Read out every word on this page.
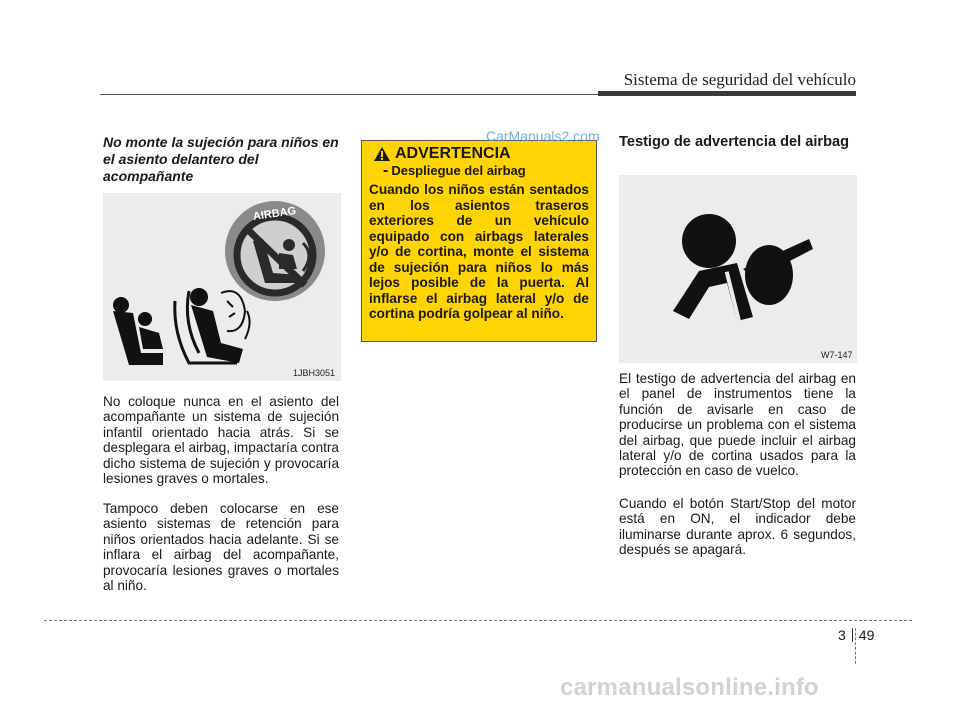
Sistema de seguridad del vehículo
No monte la sujeción para niños en el asiento delantero del acompañante
AIRBAG
1JBH3051

No coloque nunca en el asiento del acompañante un sistema de sujeción infantil orientado hacia atrás. Si se desplegara el airbag, impactaría contra dicho sistema de sujeción y provocaría lesiones graves o mortales.

Tampoco deben colocarse en ese asiento sistemas de retención para niños orientados hacia adelante. Si se inflara el airbag del acompañante, provocaría lesiones graves o mortales al niño.

ADVERTENCIA
- Despliegue del airbag
Cuando los niños están sentados en los asientos traseros exteriores de un vehículo equipado con airbags laterales y/o de cortina, monte el sistema de sujeción para niños lo más lejos posible de la puerta. Al inflarse el airbag lateral y/o de cortina podría golpear al niño.
CarManuals2.com Testigo de advertencia del airbag
W7-147

El testigo de advertencia del airbag en el panel de instrumentos tiene la función de avisarle en caso de producirse un problema con el sistema del airbag, que puede incluir el airbag lateral y/o de cortina usados para la protección en caso de vuelco.

Cuando el botón Start/Stop del motor está en ON, el indicador debe iluminarse durante aprox. 6 segundos, después se apagará.

3 49
carmanualsonline.info
